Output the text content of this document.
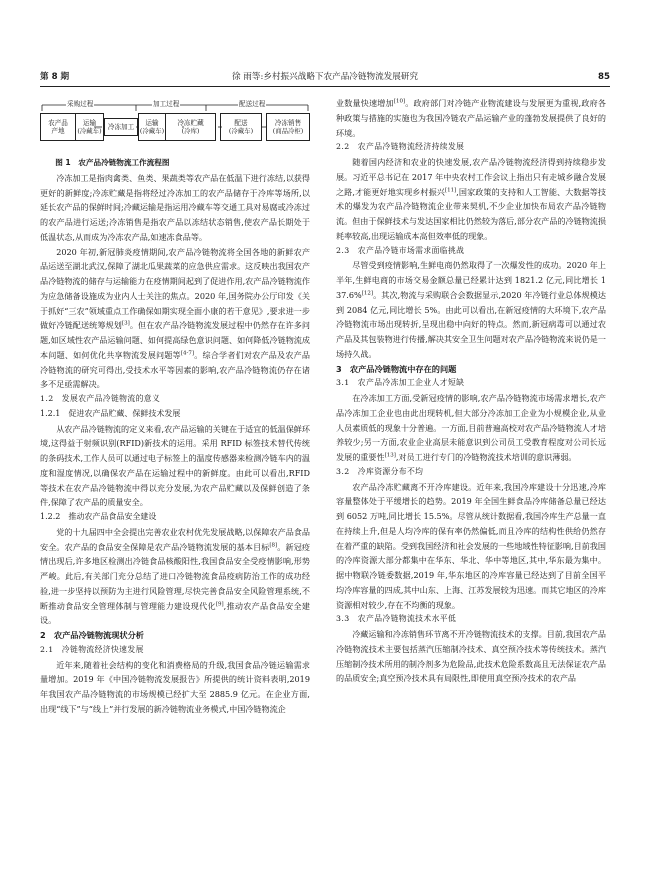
第 8 期	徐 雨等:乡村振兴战略下农产品冷链物流发展研究	85
采购过程	加工过程	配送过程
农产品
产地
运输
(冷藏车) 冷冻加工 运输
(冷藏车)
冷冻贮藏
(冷库)
配送
(冷藏车)
冷冻销售
(商品冷柜)

图 1　农产品冷链物流工作流程图

冷冻加工是指肉禽类、鱼类、果蔬类等农产品在低温下进行冻结,以获得更好的新鲜度;冷冻贮藏是指将经过冷冻加工的农产品储存于冷库等场所,以延长农产品的保鲜时间;冷藏运输是指运用冷藏车等交通工具对易腐或冷冻过的农产品进行运送;冷冻销售是指农产品以冻结状态销售,使农产品长期处于低温状态,从而成为冷冻农产品,如速冻食品等。

2020 年初,新冠肺炎疫情期间,农产品冷链物流将全国各地的新鲜农产品运送至湖北武汉,保障了湖北瓜果蔬菜的应急供应需求。这反映出我国农产品冷链物流的储存与运输能力在疫情期间起到了促进作用,农产品冷链物流作为应急储备设施成为业内人士关注的焦点。2020 年,国务院办公厅印发《关于抓好“三农”领域重点工作确保如期实现全面小康的若干意见》,要求进一步做好冷链配送统筹规划[3]。但在农产品冷链物流发展过程中仍然存在许多问题,如区域性农产品运输问题、如何提高绿色意识问题、如何降低冷链物流成本问题、如何优化共享物流发展问题等[4-7]。综合学者们对农产品及农产品冷链物流的研究可得出,受技术水平等因素的影响,农产品冷链物流仍存在诸多不足亟需解决。

1.2　发展农产品冷链物流的意义

1.2.1　促进农产品贮藏、保鲜技术发展

从农产品冷链物流的定义来看,农产品运输的关键在于适宜的低温保鲜环境,这得益于射频识别(RFID)新技术的运用。采用 RFID 标签技术替代传统的条码技术,工作人员可以通过电子标签上的温度传感器来检测冷链车内的温度和湿度情况,以确保农产品在运输过程中的新鲜度。由此可以看出,RFID 等技术在农产品冷链物流中得以充分发展,为农产品贮藏以及保鲜创造了条件,保障了农产品的质量安全。

1.2.2　推动农产品食品安全建设

党的十九届四中全会提出完善农业农村优先发展战略,以保障农产品食品安全。农产品的食品安全保障是农产品冷链物流发展的基本目标[8]。新冠疫情出现后,许多地区检测出冷链食品核酸阳性,我国食品安全受疫情影响,形势严峻。此后,有关部门充分总结了进口冷链物流食品疫病防治工作的成功经验,进一步坚持以预防为主进行风险管理,尽快完善食品安全风险管理系统,不断推动食品安全管理体制与管理能力建设现代化[9],推动农产品食品安全建设。

2　农产品冷链物流现状分析

2.1　冷链物流经济快速发展

近年来,随着社会结构的变化和消费格局的升级,我国食品冷链运输需求量增加。2019 年《中国冷链物流发展报告》所提供的统计资料表明,2019 年我国农产品冷链物流的市场规模已经扩大至 2885.9 亿元。在企业方面,出现“线下”与“线上”并行发展的新冷链物流业务模式,中国冷链物流企

业数量快速增加[10]。政府部门对冷链产业物流建设与发展更为重视,政府各种政策与措施的实施也为我国冷链农产品运输产业的蓬勃发展提供了良好的环境。

2.2　农产品冷链物流经济持续发展

随着国内经济和农业的快速发展,农产品冷链物流经济得到持续稳步发展。习近平总书记在 2017 年中央农村工作会议上指出只有走城乡融合发展之路,才能更好地实现乡村振兴[11],国家政策的支持和人工智能、大数据等技术的爆发为农产品冷链物流企业带来契机,不少企业加快布局农产品冷链物流。但由于保鲜技术与发达国家相比仍然较为落后,部分农产品的冷链物流损耗率较高,出现运输成本高但效率低的现象。

2.3　农产品冷链市场需求面临挑战

尽管受到疫情影响,生鲜电商仍然取得了一次爆发性的成功。2020 年上半年,生鲜电商的市场交易金额总量已经累计达到 1821.2 亿元,同比增长 137.6%[12]。其次,物流与采购联合会数据显示,2020 年冷链行业总体规模达到 2084 亿元,同比增长 5%。由此可以看出,在新冠疫情的大环境下,农产品冷链物流市场出现转折,呈现出稳中向好的特点。然而,新冠病毒可以通过农产品及其包装物进行传播,解决其安全卫生问题对农产品冷链物流来说仍是一场持久战。

3　农产品冷链物流中存在的问题

3.1　农产品冷冻加工企业人才短缺

在冷冻加工方面,受新冠疫情的影响,农产品冷链物流市场需求增长,农产品冷冻加工企业也由此出现转机,但大部分冷冻加工企业为小规模企业,从业人员素质低的现象十分普遍。一方面,目前普遍高校对农产品冷链物流人才培养较少;另一方面,农业企业高层未能意识到公司员工受教育程度对公司长远发展的重要性[13],对员工进行专门的冷链物流技术培训的意识薄弱。

3.2　冷库资源分布不均

农产品冷冻贮藏离不开冷库建设。近年来,我国冷库建设十分迅速,冷库容量整体处于平缓增长的趋势。2019 年全国生鲜食品冷库储备总量已经达到 6052 万吨,同比增长 15.5%。尽管从统计数据看,我国冷库生产总量一直在持续上升,但是人均冷库的保有率仍然偏低,而且冷库的结构性供给仍然存在着严重的缺陷。受到我国经济和社会发展的一些地域性特征影响,目前我国的冷库资源大部分都集中在华东、华北、华中等地区,其中,华东最为集中。据中物联冷链委数据,2019 年,华东地区的冷库容量已经达到了目前全国平均冷库容量的四成,其中山东、上海、江苏发展较为迅速。而其它地区的冷库资源相对较少,存在不均衡的现象。

3.3　农产品冷链物流技术水平低

冷藏运输和冷冻销售环节离不开冷链物流技术的支撑。目前,我国农产品冷链物流技术主要包括蒸汽压缩制冷技术、真空预冷技术等传统技术。蒸汽压缩制冷技术所用的制冷剂多为危险品,此技术危险系数高且无法保证农产品的品质安全;真空预冷技术具有局限性,即使用真空预冷技术的农产品
